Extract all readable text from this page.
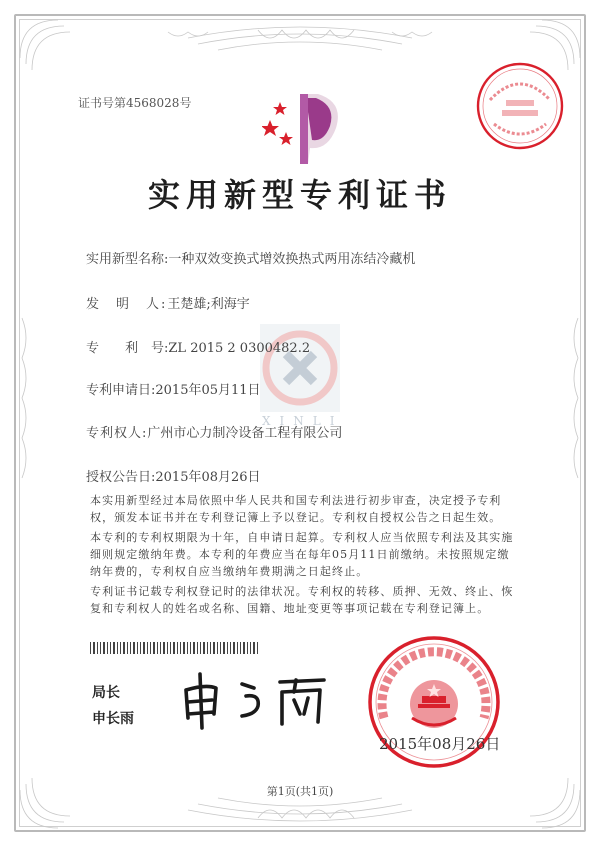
证书号第4568028号
实用新型专利证书
XINLI
实用新型名称:一种双效变换式增效换热式两用冻结冷藏机
发　明　人:王楚雄;利海宇
专　　利　号:ZL 2015 2 0300482.2
专利申请日:2015年05月11日
专利权人:广州市心力制冷设备工程有限公司
授权公告日:2015年08月26日
本实用新型经过本局依照中华人民共和国专利法进行初步审查，决定授予专利权，颁发本证书并在专利登记簿上予以登记。专利权自授权公告之日起生效。
本专利的专利权期限为十年，自申请日起算。专利权人应当依照专利法及其实施细则规定缴纳年费。本专利的年费应当在每年05月11日前缴纳。未按照规定缴纳年费的，专利权自应当缴纳年费期满之日起终止。
专利证书记载专利权登记时的法律状况。专利权的转移、质押、无效、终止、恢复和专利权人的姓名或名称、国籍、地址变更等事项记载在专利登记簿上。
局长
申长雨
2015年08月26日
第1页(共1页)
